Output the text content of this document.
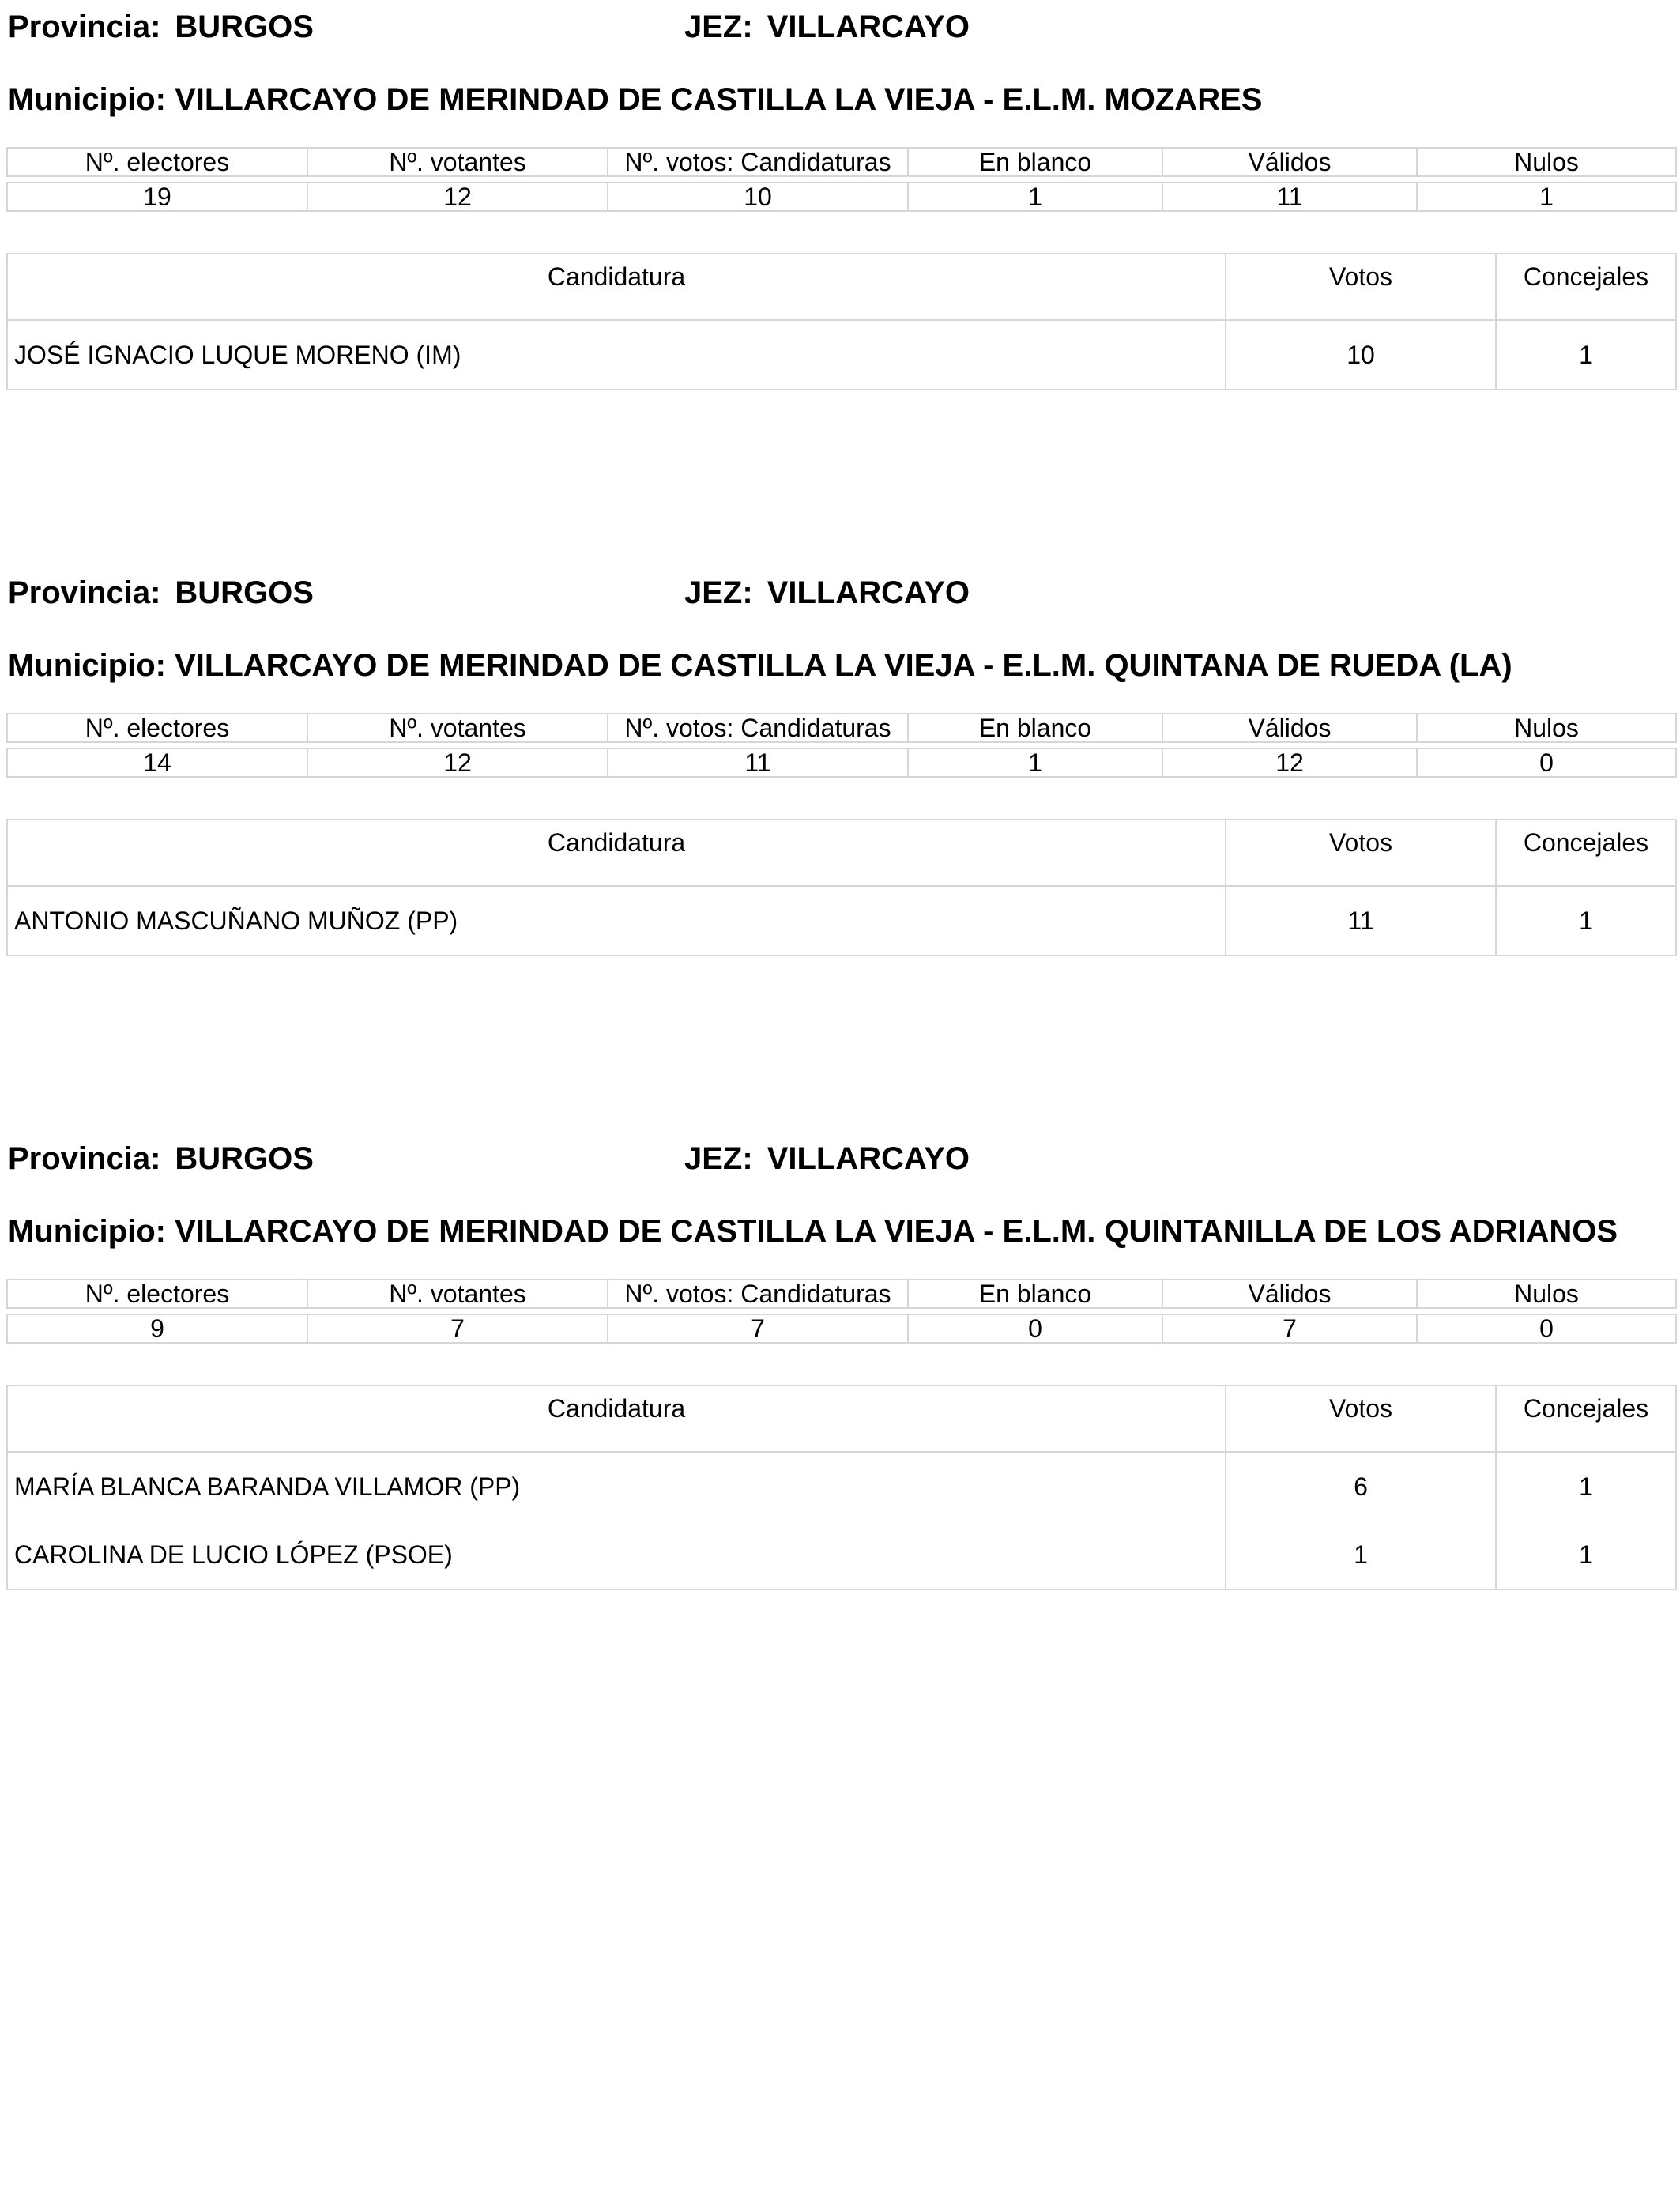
Provincia: BURGOS	JEZ: VILLARCAYO
Municipio: VILLARCAYO DE MERINDAD DE CASTILLA LA VIEJA - E.L.M. MOZARES
Nº. electores	Nº. votantes	Nº. votos: Candidaturas	En blanco	Válidos	Nulos

19	12	10	1	11	1
Candidatura	Votos	Concejales
JOSÉ IGNACIO LUQUE MORENO (IM)	10	1
Provincia: BURGOS	JEZ: VILLARCAYO
Municipio: VILLARCAYO DE MERINDAD DE CASTILLA LA VIEJA - E.L.M. QUINTANA DE RUEDA (LA)
Nº. electores	Nº. votantes	Nº. votos: Candidaturas	En blanco	Válidos	Nulos

14	12	11	1	12	0
Candidatura	Votos	Concejales
ANTONIO MASCUÑANO MUÑOZ (PP)	11	1
Provincia: BURGOS	JEZ: VILLARCAYO
Municipio: VILLARCAYO DE MERINDAD DE CASTILLA LA VIEJA - E.L.M. QUINTANILLA DE LOS ADRIANOS
Nº. electores	Nº. votantes	Nº. votos: Candidaturas	En blanco	Válidos	Nulos

9	7	7	0	7	0
Candidatura	Votos	Concejales
MARÍA BLANCA BARANDA VILLAMOR (PP)	6	1
CAROLINA DE LUCIO LÓPEZ (PSOE)	1	1
